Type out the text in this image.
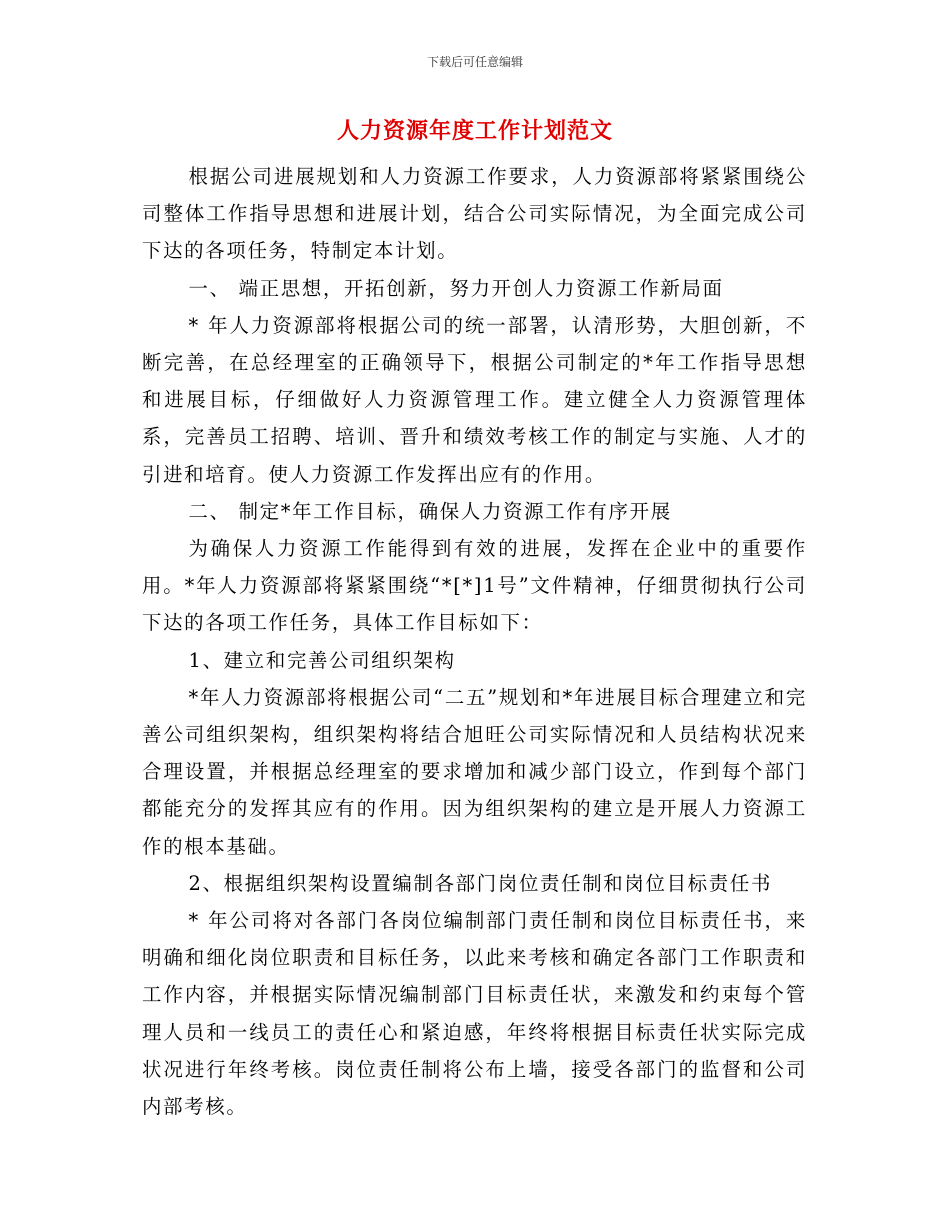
下载后可任意编辑
人力资源年度工作计划范文

根据公司进展规划和人力资源工作要求，人力资源部将紧紧围绕公司整体工作指导思想和进展计划，结合公司实际情况，为全面完成公司下达的各项任务，特制定本计划。

一、 端正思想，开拓创新，努力开创人力资源工作新局面

* 年人力资源部将根据公司的统一部署，认清形势，大胆创新，不断完善，在总经理室的正确领导下，根据公司制定的*年工作指导思想和进展目标，仔细做好人力资源管理工作。建立健全人力资源管理体系，完善员工招聘、培训、晋升和绩效考核工作的制定与实施、人才的引进和培育。使人力资源工作发挥出应有的作用。

二、 制定*年工作目标，确保人力资源工作有序开展

为确保人力资源工作能得到有效的进展，发挥在企业中的重要作用。*年人力资源部将紧紧围绕“*[*]1号”文件精神，仔细贯彻执行公司下达的各项工作任务，具体工作目标如下：

1、建立和完善公司组织架构

*年人力资源部将根据公司“二五”规划和*年进展目标合理建立和完善公司组织架构，组织架构将结合旭旺公司实际情况和人员结构状况来合理设置，并根据总经理室的要求增加和减少部门设立，作到每个部门都能充分的发挥其应有的作用。因为组织架构的建立是开展人力资源工作的根本基础。

2、根据组织架构设置编制各部门岗位责任制和岗位目标责任书

* 年公司将对各部门各岗位编制部门责任制和岗位目标责任书，来明确和细化岗位职责和目标任务，以此来考核和确定各部门工作职责和工作内容，并根据实际情况编制部门目标责任状，来激发和约束每个管理人员和一线员工的责任心和紧迫感，年终将根据目标责任状实际完成状况进行年终考核。岗位责任制将公布上墙，接受各部门的监督和公司内部考核。
